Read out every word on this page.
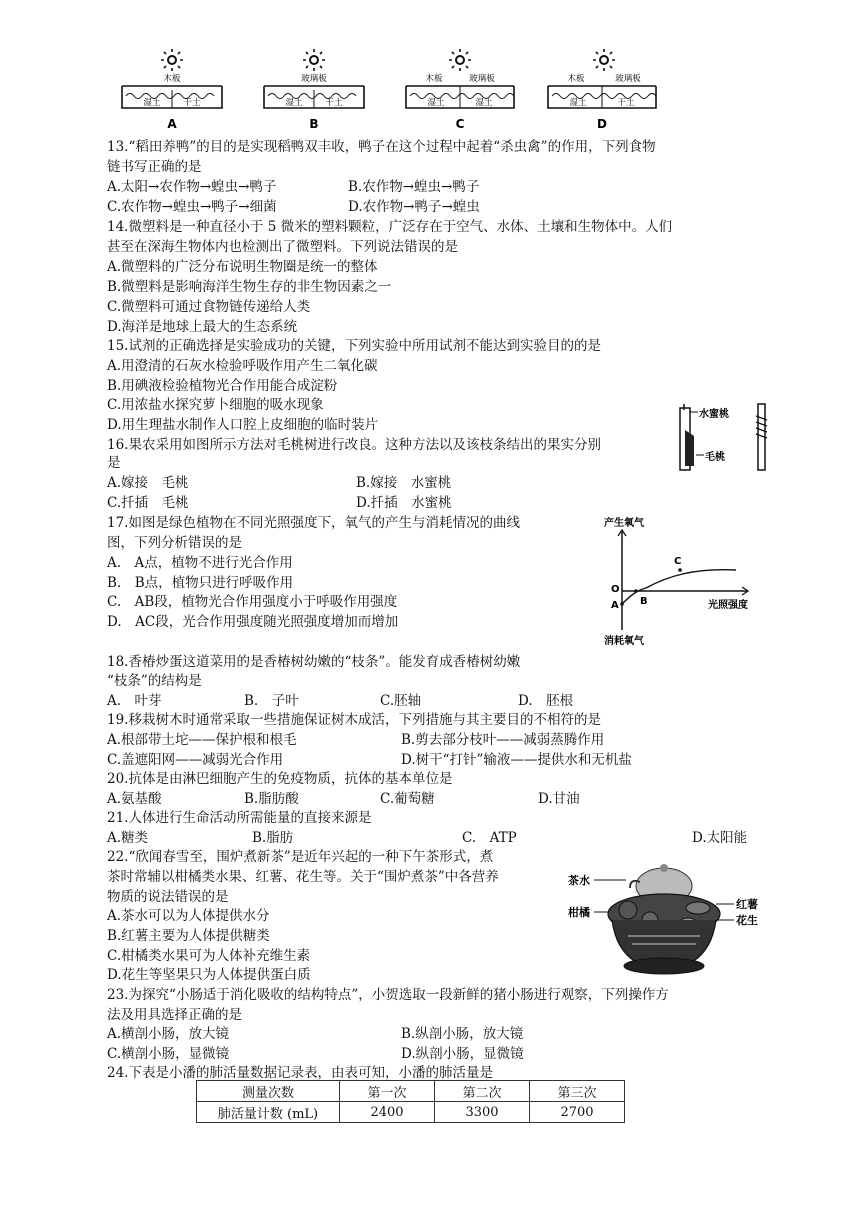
木板
湿土	干土
A
玻璃板
湿土	干土
B
木板	玻璃板
湿土	湿土
C
木板	玻璃板
湿土	干土
D
13.“稻田养鸭”的目的是实现稻鸭双丰收，鸭子在这个过程中起着“杀虫禽”的作用，下列食物
链书写正确的是
A.太阳→农作物→蝗虫→鸭子	B.农作物→蝗虫→鸭子
C.农作物→蝗虫→鸭子→细菌	D.农作物→鸭子→蝗虫
14.微塑料是一种直径小于 5 微米的塑料颗粒，广泛存在于空气、水体、土壤和生物体中。人们
甚至在深海生物体内也检测出了微塑料。下列说法错误的是
A.微塑料的广泛分布说明生物圈是统一的整体
B.微塑料是影响海洋生物生存的非生物因素之一
C.微塑料可通过食物链传递给人类
D.海洋是地球上最大的生态系统
15.试剂的正确选择是实验成功的关键，下列实验中所用试剂不能达到实验目的的是
A.用澄清的石灰水检验呼吸作用产生二氧化碳
B.用碘液检验植物光合作用能合成淀粉
C.用浓盐水探究萝卜细胞的吸水现象
D.用生理盐水制作人口腔上皮细胞的临时装片
水蜜桃
毛桃
16.果农采用如图所示方法对毛桃树进行改良。这种方法以及该枝条结出的果实分别
是
A.嫁接　毛桃	B.嫁接　水蜜桃
C.扦插　毛桃	D.扦插　水蜜桃
17.如图是绿色植物在不同光照强度下，氧气的产生与消耗情况的曲线
图，下列分析错误的是
A.　A点，植物不进行光合作用
B.　B点，植物只进行呼吸作用
C.　AB段，植物光合作用强度小于呼吸作用强度
D.　AC段，光合作用强度随光照强度增加而增加
产生氧气
O
A B
C
光照强度
消耗氧气
18.香椿炒蛋这道菜用的是香椿树幼嫩的“枝条”。能发育成香椿树幼嫩
“枝条”的结构是
A.　叶芽	B.　子叶	C.胚轴	D.　胚根
19.移栽树木时通常采取一些措施保证树木成活，下列措施与其主要目的不相符的是
A.根部带土坨——保护根和根毛	B.剪去部分枝叶——减弱蒸腾作用
C.盖遮阳网——减弱光合作用	D.树干“打针”输液——提供水和无机盐
20.抗体是由淋巴细胞产生的免疫物质，抗体的基本单位是
A.氨基酸	B.脂肪酸	C.葡萄糖	D.甘油
21.人体进行生命活动所需能量的直接来源是
A.糖类	B.脂肪	C.　ATP	D.太阳能
22.“欣闻春雪至，围炉煮新茶”是近年兴起的一种下午茶形式，煮
茶时常辅以柑橘类水果、红薯、花生等。关于“围炉煮茶”中各营养
物质的说法错误的是
A.茶水可以为人体提供水分
B.红薯主要为人体提供糖类
C.柑橘类水果可为人体补充维生素
D.花生等坚果只为人体提供蛋白质
茶水
柑橘
红薯
花生
23.为探究“小肠适于消化吸收的结构特点”，小贺选取一段新鲜的猪小肠进行观察，下列操作方
法及用具选择正确的是
A.横剖小肠，放大镜	B.纵剖小肠，放大镜
C.横剖小肠，显微镜	D.纵剖小肠，显微镜
24.下表是小潘的肺活量数据记录表，由表可知，小潘的肺活量是
测量次数	第一次	第二次	第三次
肺活量计数 (mL)	2400	3300	2700
